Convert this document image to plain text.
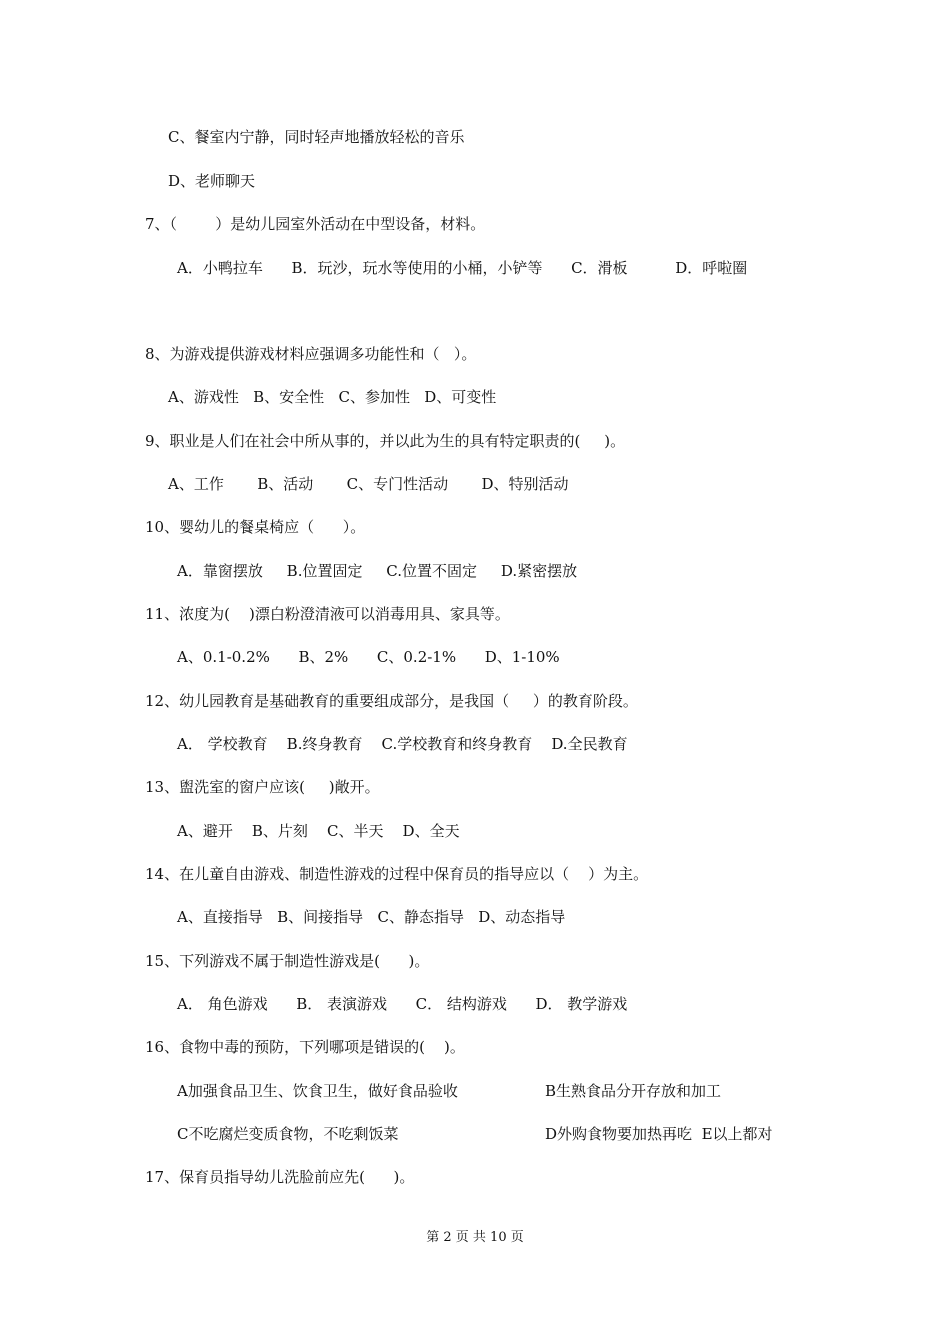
C、餐室内宁静，同时轻声地播放轻松的音乐
D、老师聊天
7、（        ）是幼儿园室外活动在中型设备，材料。
A．小鸭拉车      B．玩沙，玩水等使用的小桶，小铲等      C．滑板          D．呼啦圈
8、为游戏提供游戏材料应强调多功能性和（   ）。
A、游戏性   B、安全性   C、参加性   D、可变性
9、职业是人们在社会中所从事的，并以此为生的具有特定职责的(     )。
A、工作       B、活动       C、专门性活动       D、特别活动
10、婴幼儿的餐桌椅应（      ）。
A．靠窗摆放     B.位置固定     C.位置不固定     D.紧密摆放
11、浓度为(    )漂白粉澄清液可以消毒用具、家具等。
A、0.1-0.2%      B、2%      C、0.2-1%      D、1-10%
12、幼儿园教育是基础教育的重要组成部分，是我国（     ）的教育阶段。
A． 学校教育    B.终身教育    C.学校教育和终身教育    D.全民教育
13、盥洗室的窗户应该(     )敞开。
A、避开    B、片刻    C、半天    D、全天
14、在儿童自由游戏、制造性游戏的过程中保育员的指导应以（    ）为主。
A、直接指导   B、间接指导   C、静态指导   D、动态指导
15、下列游戏不属于制造性游戏是(      )。
A． 角色游戏      B． 表演游戏      C． 结构游戏      D． 教学游戏
16、食物中毒的预防，下列哪项是错误的(    )。
A加强食品卫生、饮食卫生，做好食品验收	B生熟食品分开存放和加工
C不吃腐烂变质食物，不吃剩饭菜	D外购食物要加热再吃  E以上都对
17、保育员指导幼儿洗脸前应先(      )。
第 2 页 共 10 页
